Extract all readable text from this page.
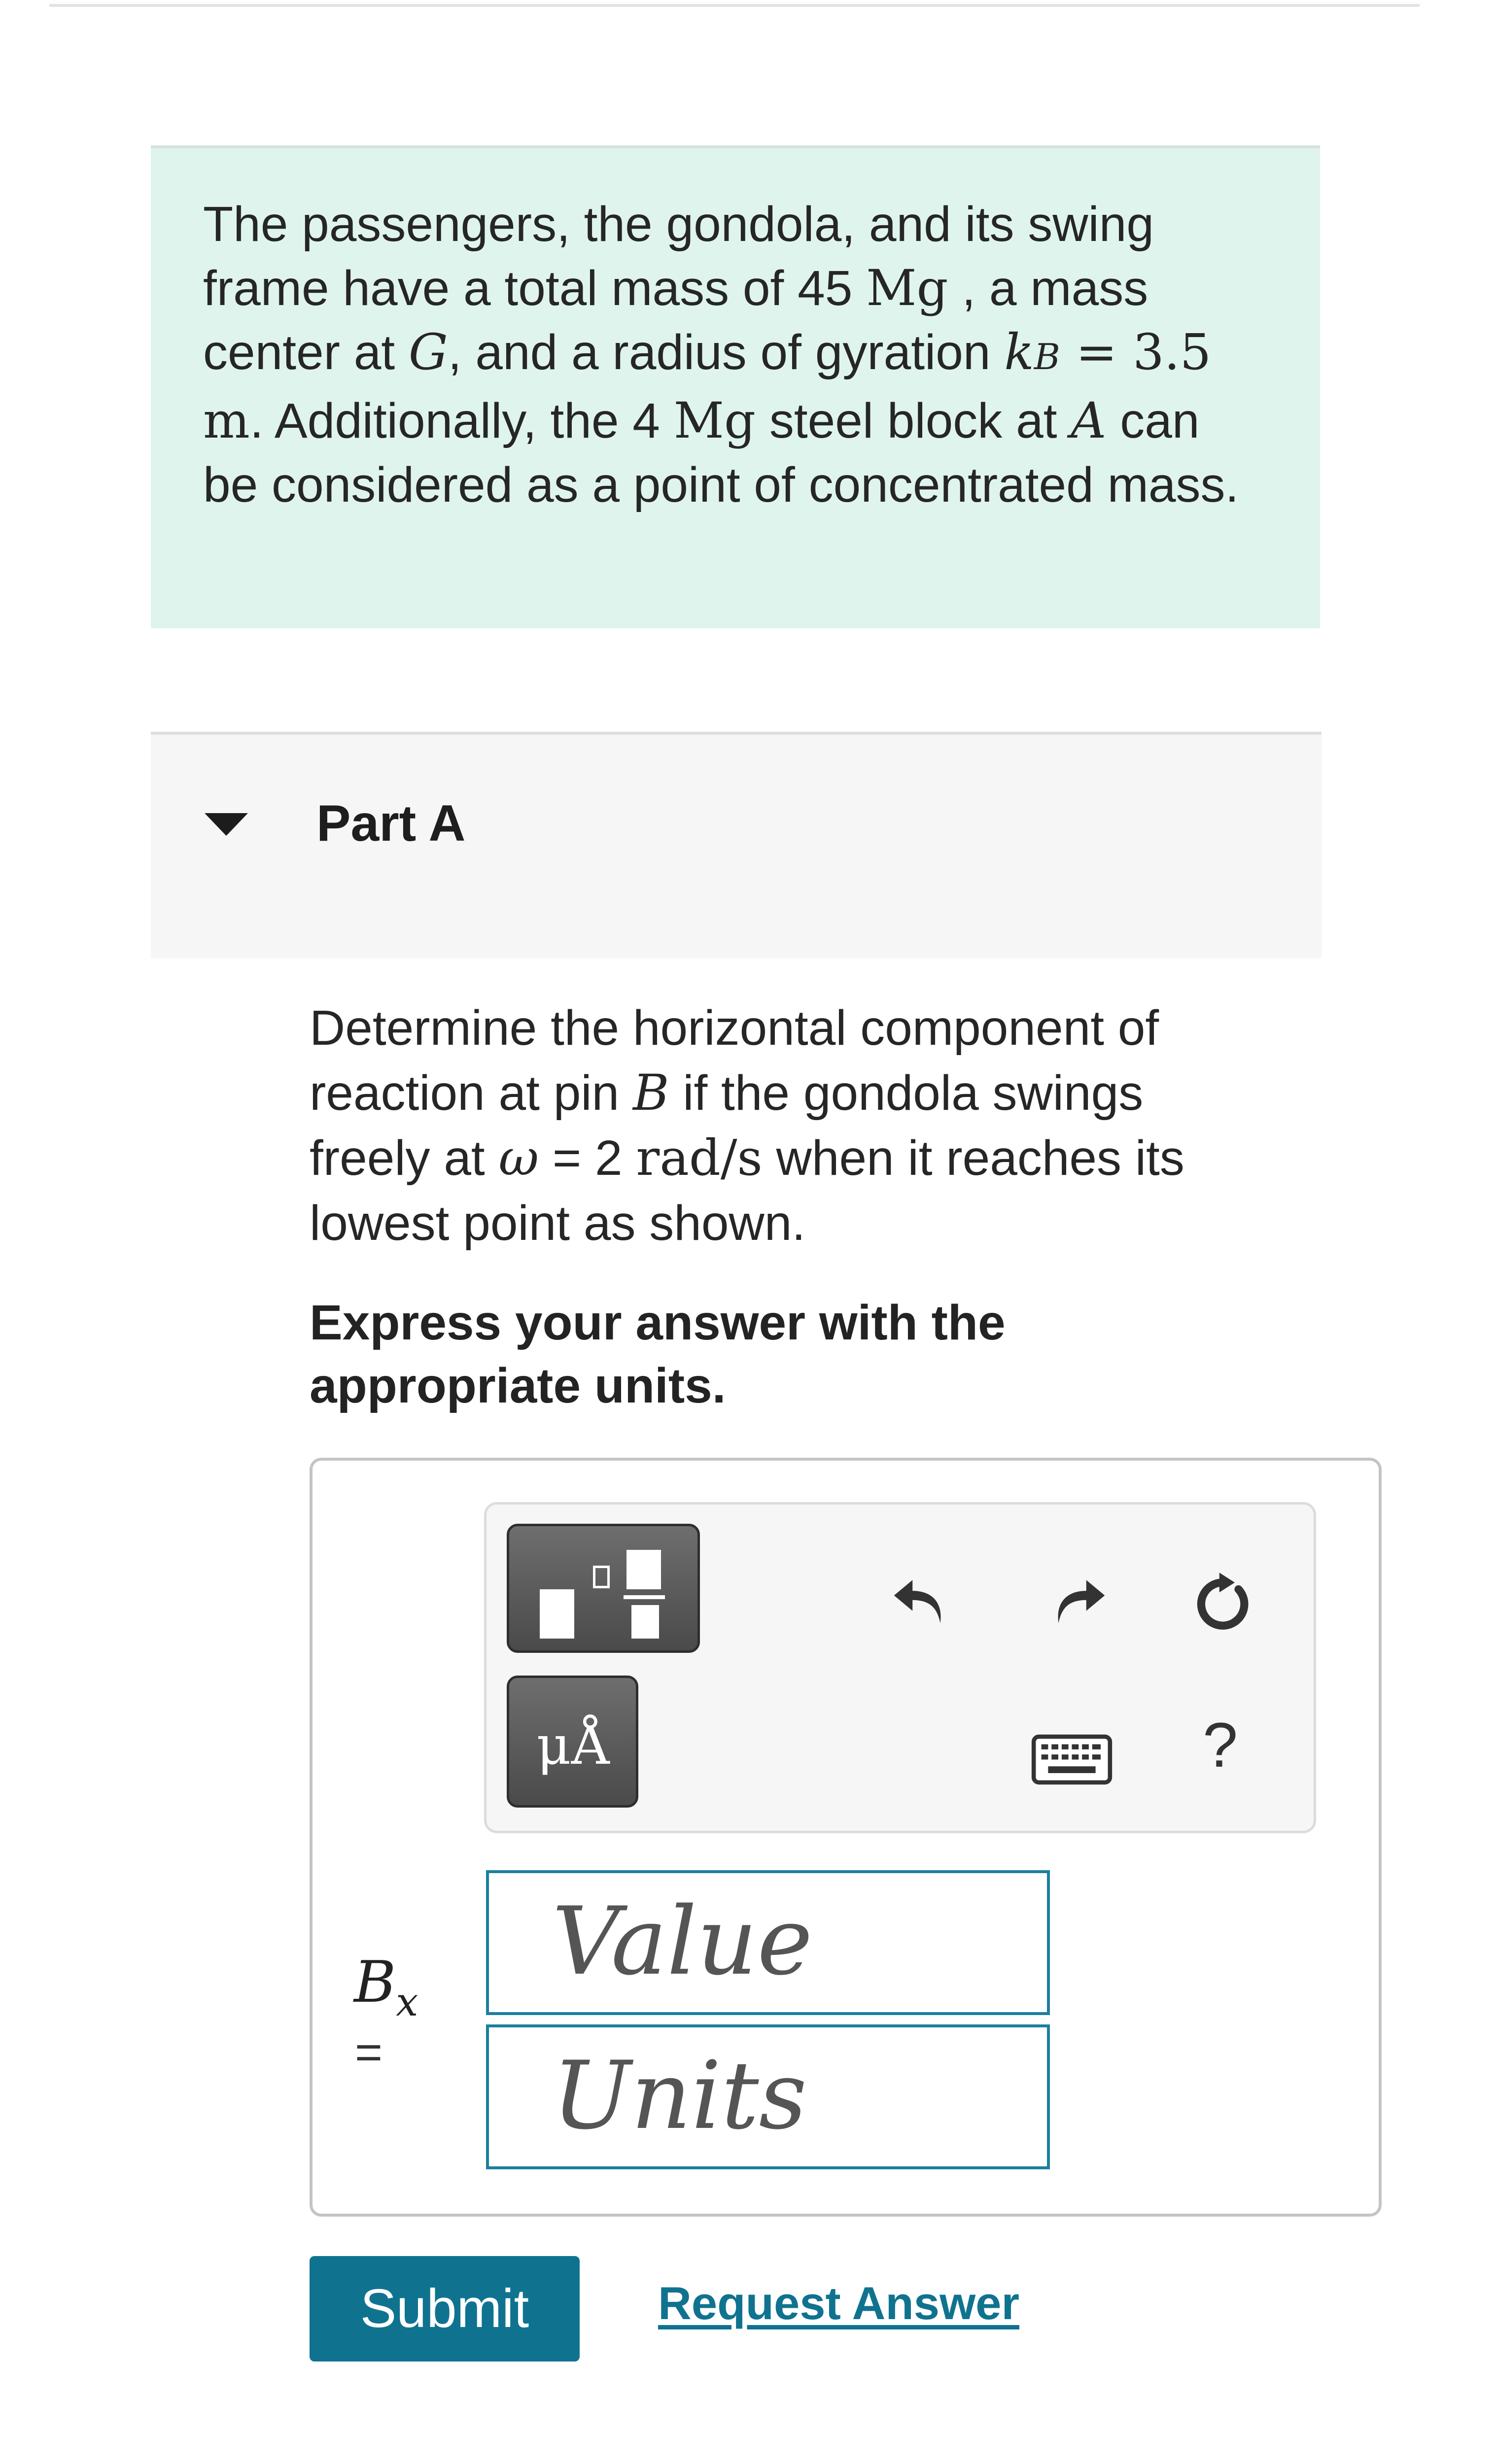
The passengers, the gondola, and its swing frame have a total mass of 45 Mg , a mass center at G, and a radius of gyration kB = 3.5 m. Additionally, the 4 Mg steel block at A can be considered as a point of concentrated mass.
Part A
Determine the horizontal component of reaction at pin B if the gondola swings freely at ω = 2 rad/s when it reaches its lowest point as shown.
Express your answer with the appropriate units.
μÅ	?
$B_x$
=
Value
Units
Submit	Request Answer
